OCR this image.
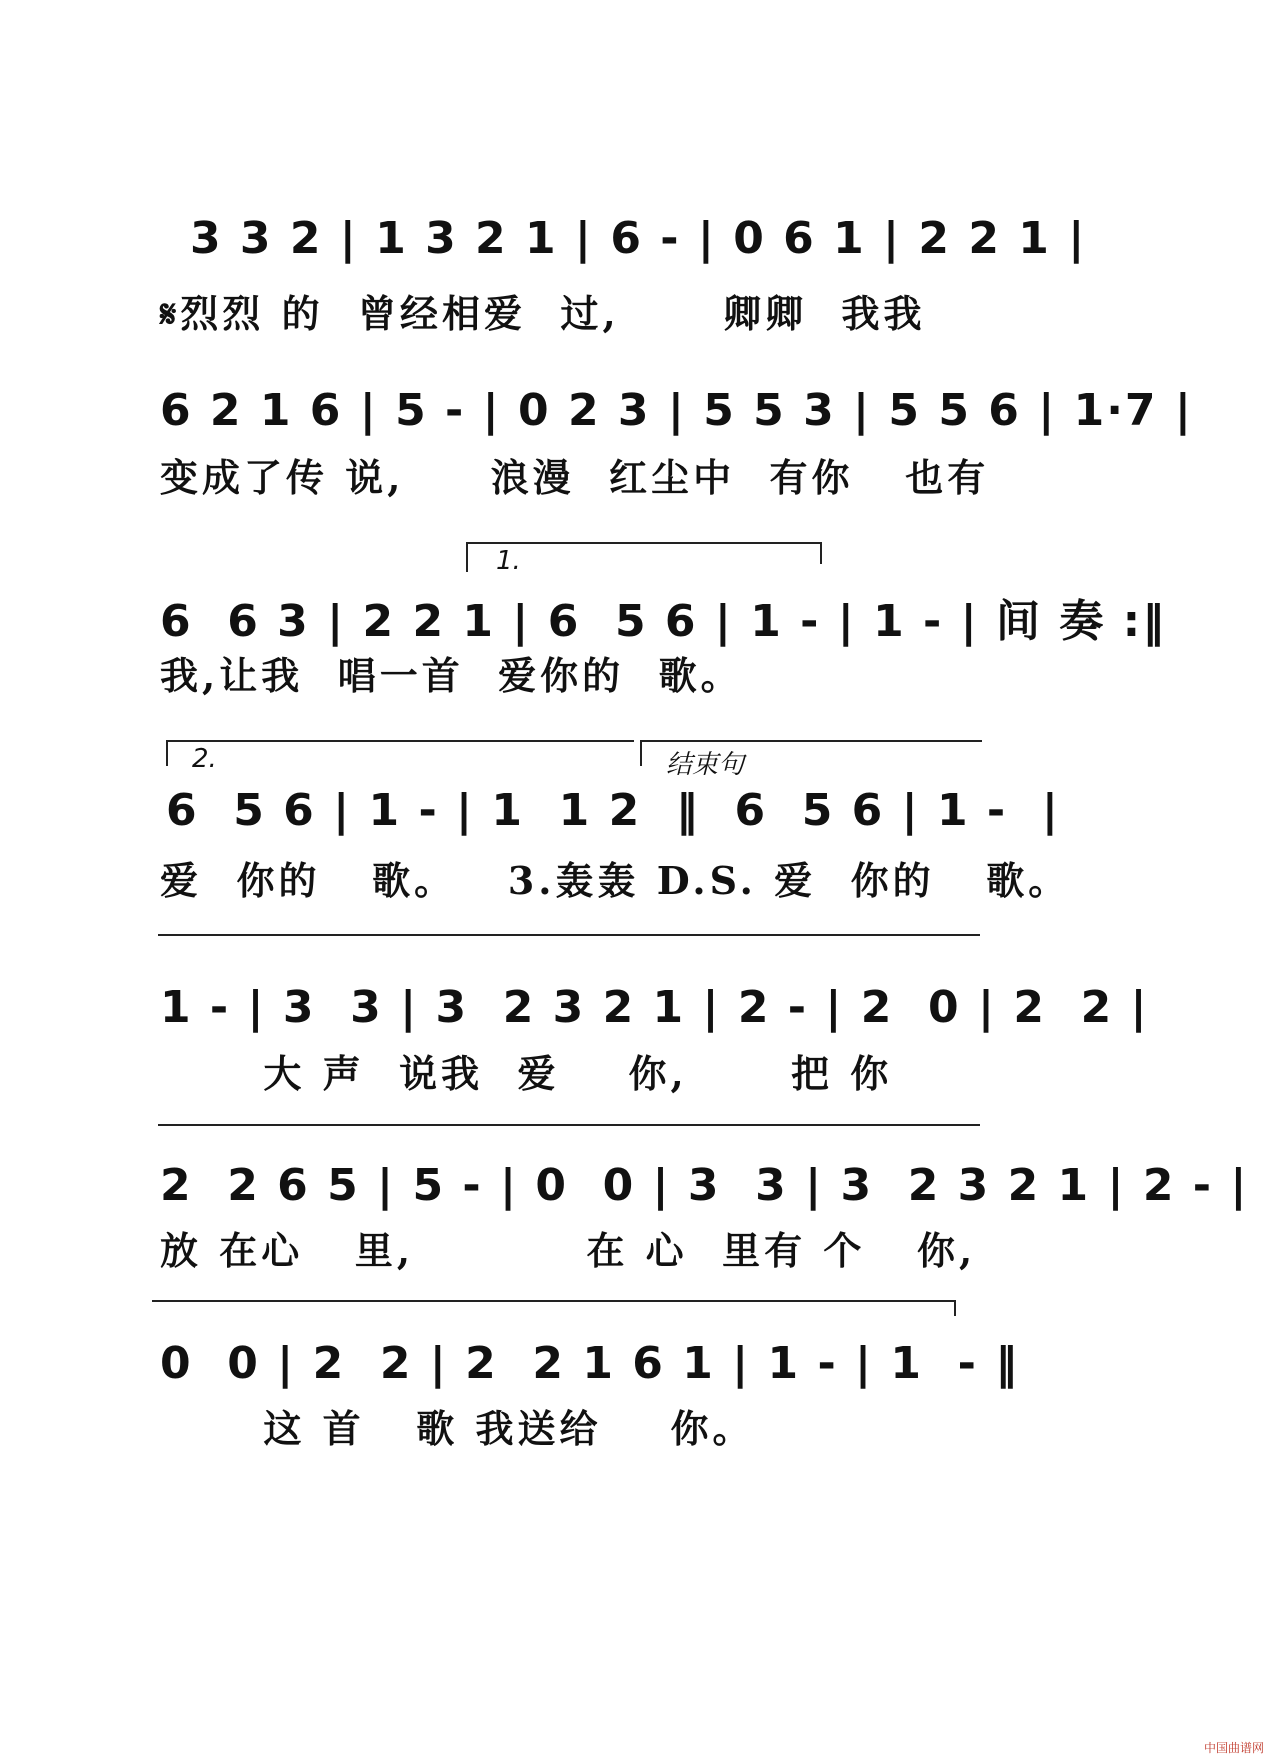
3 3 2 | 1 3 2 1 | 6 - | 0 6 1 | 2 2 1 |
𝄋烈烈 的  曾经相爱  过,      卿卿  我我
6 2 1 6 | 5 - | 0 2 3 | 5 5 3 | 5 5 6 | 1·7 |
变成了传 说,     浪漫  红尘中  有你   也有
1.
6  6 3 | 2 2 1 | 6  5 6 | 1 - | 1 - | 间 奏 :‖
我,让我  唱一首  爱你的  歌。
2.	结束句
6  5 6 | 1 - | 1  1 2  ‖  6  5 6 | 1 -  |
爱  你的   歌。   3.轰轰 D.S. 爱  你的   歌。
1 - | 3  3 | 3  2 3 2 1 | 2 - | 2  0 | 2  2 |
大 声  说我  爱    你,      把 你
2  2 6 5 | 5 - | 0  0 | 3  3 | 3  2 3 2 1 | 2 - |
放 在心   里,          在 心  里有 个   你,
0  0 | 2  2 | 2  2 1 6 1 | 1 - | 1  - ‖
这 首   歌 我送给    你。
中国曲谱网
